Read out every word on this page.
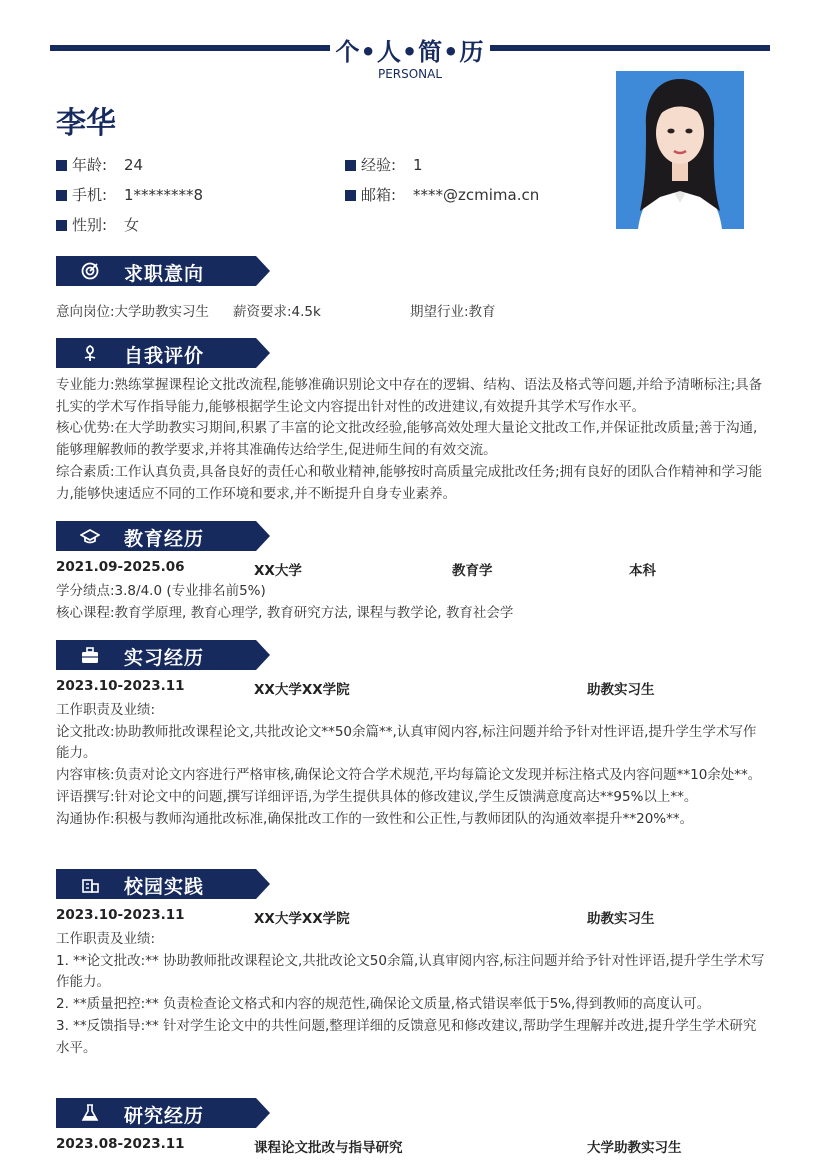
个•人•简•历
PERSONAL
李华
年龄: 24	经验: 1
手机: 1********8	邮箱: ****@zcmima.cn
性别: 女
求职意向
意向岗位:大学助教实习生 薪资要求:4.5k	期望行业:教育
自我评价
专业能力:熟练掌握课程论文批改流程,能够准确识别论文中存在的逻辑、结构、语法及格式等问题,并给予清晰标注;具备扎实的学术写作指导能力,能够根据学生论文内容提出针对性的改进建议,有效提升其学术写作水平。
核心优势:在大学助教实习期间,积累了丰富的论文批改经验,能够高效处理大量论文批改工作,并保证批改质量;善于沟通,能够理解教师的教学要求,并将其准确传达给学生,促进师生间的有效交流。
综合素质:工作认真负责,具备良好的责任心和敬业精神,能够按时高质量完成批改任务;拥有良好的团队合作精神和学习能力,能够快速适应不同的工作环境和要求,并不断提升自身专业素养。
教育经历
2021.09-2025.06	XX大学	教育学	本科
学分绩点:3.8/4.0 (专业排名前5%)
核心课程:教育学原理, 教育心理学, 教育研究方法, 课程与教学论, 教育社会学
实习经历
2023.10-2023.11	XX大学XX学院	助教实习生
工作职责及业绩:
论文批改:协助教师批改课程论文,共批改论文**50余篇**,认真审阅内容,标注问题并给予针对性评语,提升学生学术写作能力。
内容审核:负责对论文内容进行严格审核,确保论文符合学术规范,平均每篇论文发现并标注格式及内容问题**10余处**。
评语撰写:针对论文中的问题,撰写详细评语,为学生提供具体的修改建议,学生反馈满意度高达**95%以上**。
沟通协作:积极与教师沟通批改标准,确保批改工作的一致性和公正性,与教师团队的沟通效率提升**20%**。
校园实践
2023.10-2023.11	XX大学XX学院	助教实习生
工作职责及业绩:
1. **论文批改:** 协助教师批改课程论文,共批改论文50余篇,认真审阅内容,标注问题并给予针对性评语,提升学生学术写作能力。
2. **质量把控:** 负责检查论文格式和内容的规范性,确保论文质量,格式错误率低于5%,得到教师的高度认可。
3. **反馈指导:** 针对学生论文中的共性问题,整理详细的反馈意见和修改建议,帮助学生理解并改进,提升学生学术研究水平。
研究经历
2023.08-2023.11	课程论文批改与指导研究	大学助教实习生
